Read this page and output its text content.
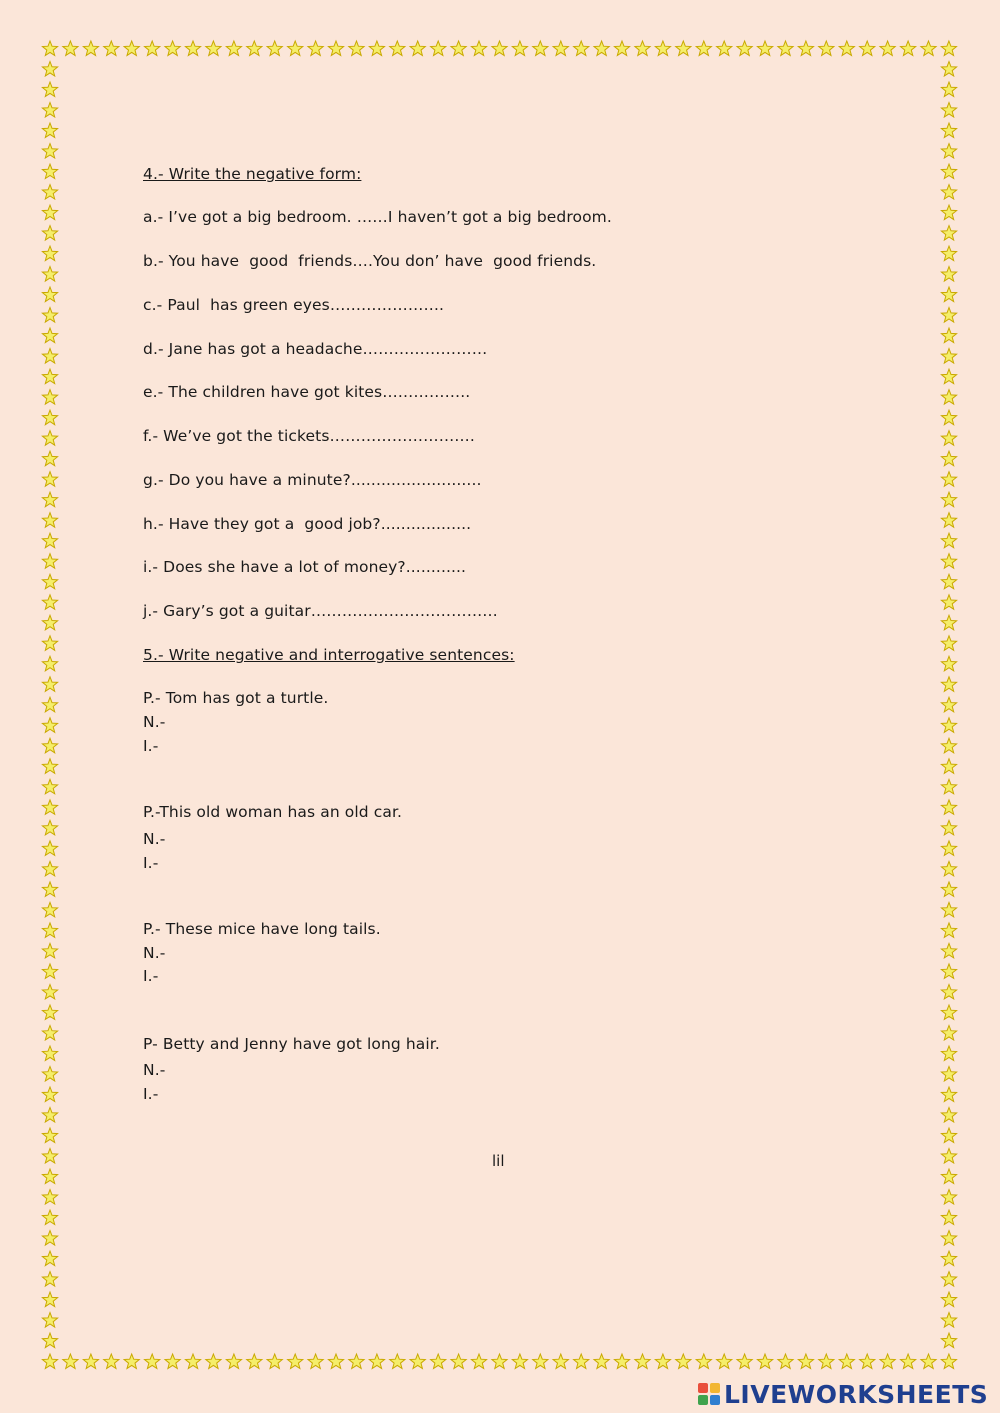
4.- Write the negative form:
a.- I’ve got a big bedroom. ……I haven’t got a big bedroom.
b.- You have  good  friends….You don’ have  good friends.
c.- Paul  has green eyes………………….
d.- Jane has got a headache……………………
e.- The children have got kites……………..
f.- We’ve got the tickets……………………….
g.- Do you have a minute?..........................
h.- Have they got a  good job?..................
i.- Does she have a lot of money?............
j.- Gary’s got a guitar………………………………
5.- Write negative and interrogative sentences:
P.- Tom has got a turtle.
N.-
I.-
P.-This old woman has an old car.
N.-
I.-
P.- These mice have long tails.
N.-
I.-
P- Betty and Jenny have got long hair.
N.-
I.-
lil
LIVEWORKSHEETS
